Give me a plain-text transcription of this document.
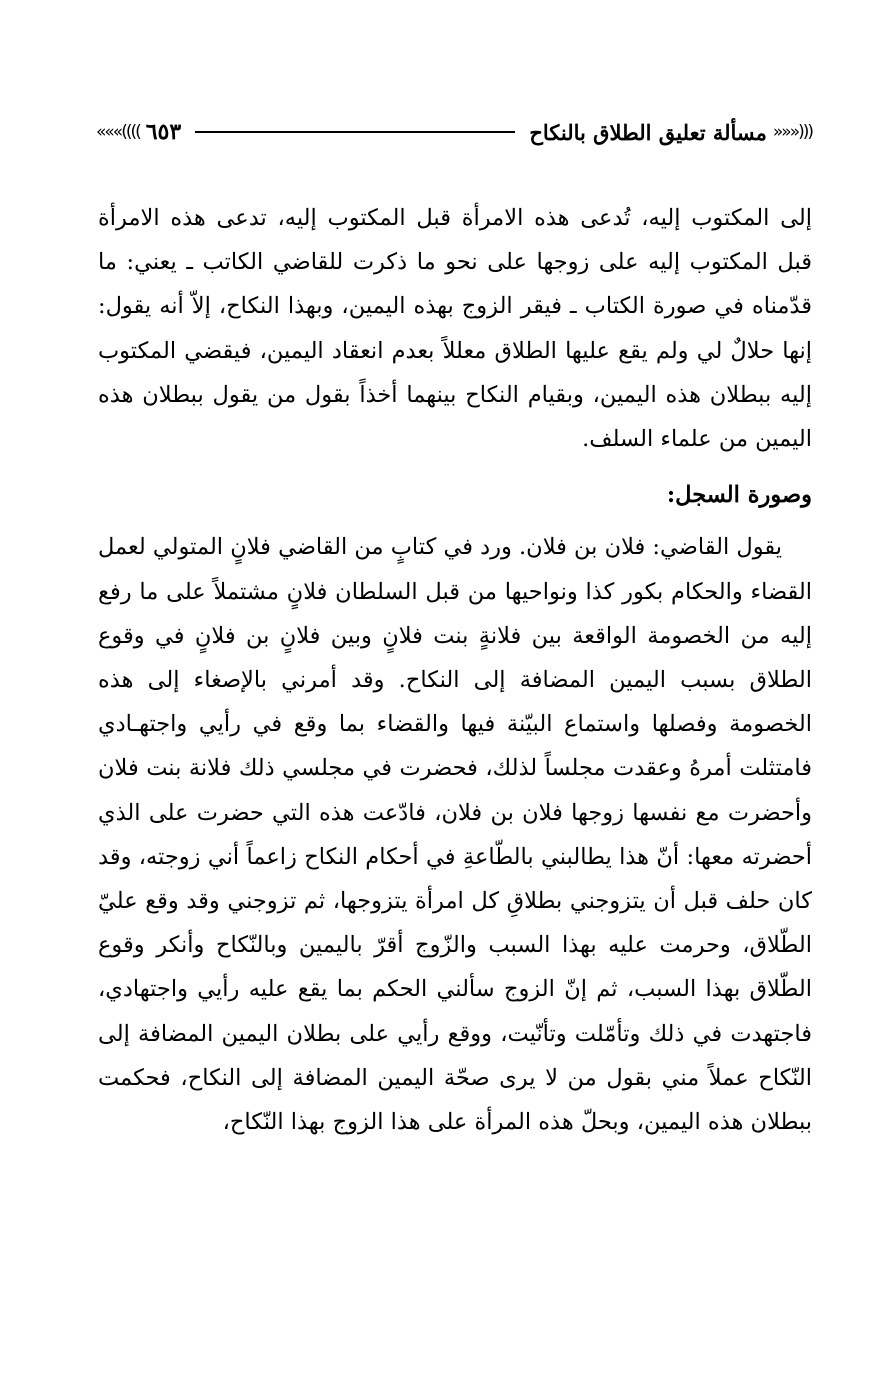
»»»)))
مسألة تعليق الطلاق بالنكاح
٦٥٣
«««((((

إلى المكتوب إليه، تُدعى هذه الامرأة قبل المكتوب إليه، تدعى هذه الامرأة قبل المكتوب إليه على زوجها على نحو ما ذكرت للقاضي الكاتب ـ يعني: ما قدّمناه في صورة الكتاب ـ فيقر الزوج بهذه اليمين، وبهذا النكاح، إلاّ أنه يقول: إنها حلالٌ لي ولم يقع عليها الطلاق معللاً بعدم انعقاد اليمين، فيقضي المكتوب إليه ببطلان هذه اليمين، وبقيام النكاح بينهما أخذاً بقول من يقول ببطلان هذه اليمين من علماء السلف.

وصورة السجل:

يقول القاضي: فلان بن فلان. ورد في كتابٍ من القاضي فلانٍ المتولي لعمل القضاء والحكام بكور كذا ونواحيها من قبل السلطان فلانٍ مشتملاً على ما رفع إليه من الخصومة الواقعة بين فلانةٍ بنت فلانٍ وبين فلانٍ بن فلانٍ في وقوع الطلاق بسبب اليمين المضافة إلى النكاح. وقد أمرني بالإصغاء إلى هذه الخصومة وفصلها واستماع البيّنة فيها والقضاء بما وقع في رأيي واجتهـادي فامتثلت أمرهُ وعقدت مجلساً لذلك، فحضرت في مجلسي ذلك فلانة بنت فلان وأحضرت مع نفسها زوجها فلان بن فلان، فادّعت هذه التي حضرت على الذي أحضرته معها: أنّ هذا يطالبني بالطّاعةِ في أحكام النكاح زاعماً أني زوجته، وقد كان حلف قبل أن يتزوجني بطلاقِ كل امرأة يتزوجها، ثم تزوجني وقد وقع عليّ الطّلاق، وحرمت عليه بهذا السبب والزّوج أقرّ باليمين وبالنّكاح وأنكر وقوع الطّلاق بهذا السبب، ثم إنّ الزوج سألني الحكم بما يقع عليه رأيي واجتهادي، فاجتهدت في ذلك وتأمّلت وتأنّيت، ووقع رأيي على بطلان اليمين المضافة إلى النّكاح عملاً مني بقول من لا يرى صحّة اليمين المضافة إلى النكاح، فحكمت ببطلان هذه اليمين، وبحلّ هذه المرأة على هذا الزوج بهذا النّكاح،
